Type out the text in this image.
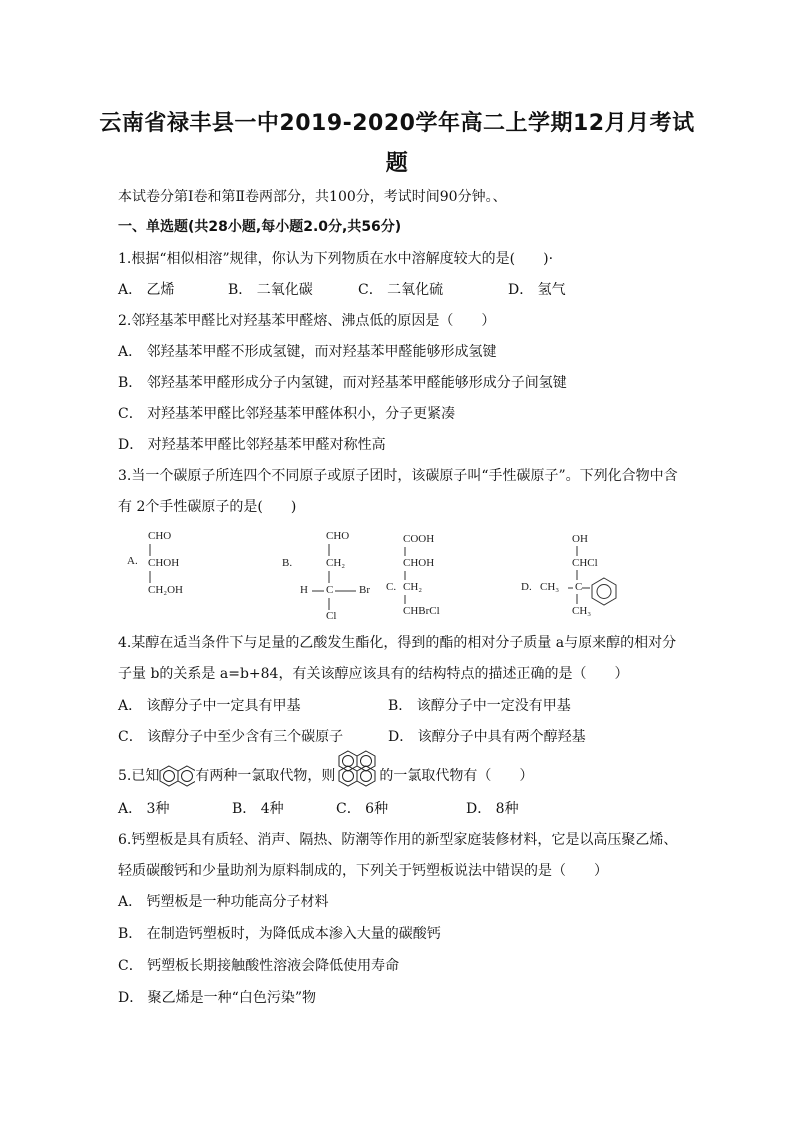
云南省禄丰县一中2019-2020学年高二上学期12月月考试
题
本试卷分第Ⅰ卷和第Ⅱ卷两部分，共100分，考试时间90分钟。、
一、单选题(共28小题,每小题2.0分,共56分)
1.根据“相似相溶”规律，你认为下列物质在水中溶解度较大的是(　　)·
A． 乙烯	B． 二氧化碳	C． 二氧化硫	D． 氢气
2.邻羟基苯甲醛比对羟基苯甲醛熔、沸点低的原因是（　　）
A． 邻羟基苯甲醛不形成氢键，而对羟基苯甲醛能够形成氢键
B． 邻羟基苯甲醛形成分子内氢键，而对羟基苯甲醛能够形成分子间氢键
C． 对羟基苯甲醛比邻羟基苯甲醛体积小，分子更紧凑
D． 对羟基苯甲醛比邻羟基苯甲醛对称性高
3.当一个碳原子所连四个不同原子或原子团时，该碳原子叫“手性碳原子”。下列化合物中含
有 2个手性碳原子的是(　　)
A.
CHO
CHOH
CH₂OH
B.
CHO
CH₂
H C Br
Cl
C.
COOH
CHOH
CH₂
CHBrCl
D.
OH
CHCl
CH₃ C
CH₃
4.某醇在适当条件下与足量的乙酸发生酯化，得到的酯的相对分子质量 a与原来醇的相对分
子量 b的关系是 a=b+84，有关该醇应该具有的结构特点的描述正确的是（　　）
A． 该醇分子中一定具有甲基	B． 该醇分子中一定没有甲基
C． 该醇分子中至少含有三个碳原子	D． 该醇分子中具有两个醇羟基
5.已知	有两种一氯取代物，则	的一氯取代物有（　　）
A． 3种	B． 4种	C． 6种	D． 8种
6.钙塑板是具有质轻、消声、隔热、防潮等作用的新型家庭装修材料，它是以高压聚乙烯、
轻质碳酸钙和少量助剂为原料制成的，下列关于钙塑板说法中错误的是（　　）
A． 钙塑板是一种功能高分子材料
B． 在制造钙塑板时，为降低成本渗入大量的碳酸钙
C． 钙塑板长期接触酸性溶液会降低使用寿命
D． 聚乙烯是一种“白色污染”物
